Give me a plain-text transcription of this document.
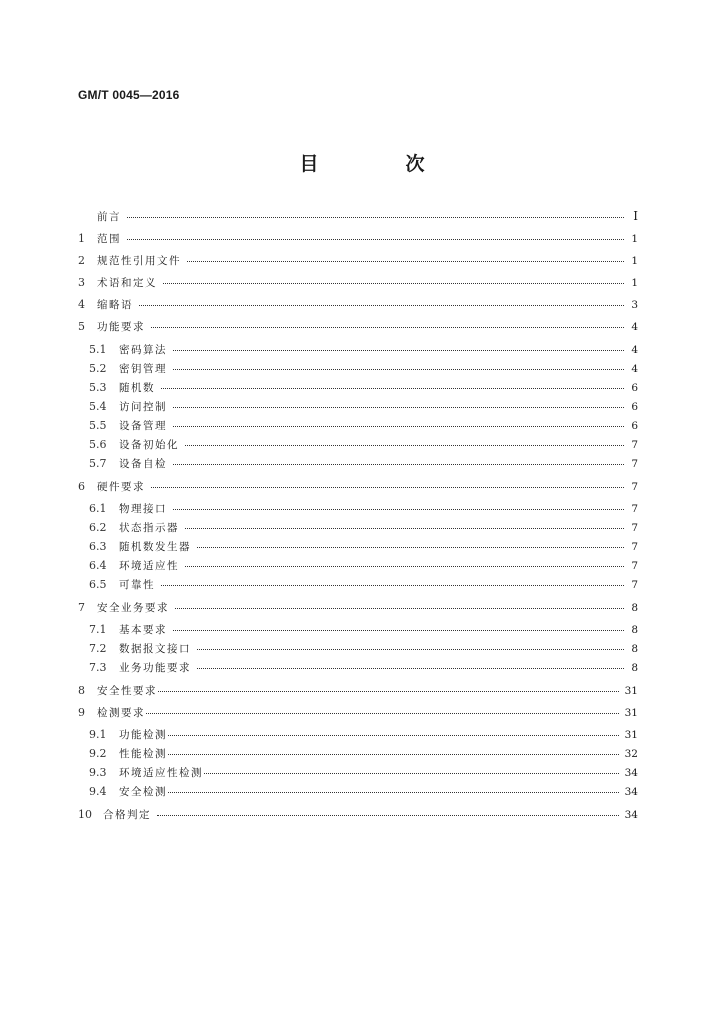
GM/T 0045—2016
目　次
前言	Ⅰ
1	范围	1
2	规范性引用文件	1
3	术语和定义	1
4	缩略语	3
5	功能要求	4
5.1	密码算法	4
5.2	密钥管理	4
5.3	随机数	6
5.4	访问控制	6
5.5	设备管理	6
5.6	设备初始化	7
5.7	设备自检	7
6	硬件要求	7
6.1	物理接口	7
6.2	状态指示器	7
6.3	随机数发生器	7
6.4	环境适应性	7
6.5	可靠性	7
7	安全业务要求	8
7.1	基本要求	8
7.2	数据报文接口	8
7.3	业务功能要求	8
8	安全性要求	31
9	检测要求	31
9.1	功能检测	31
9.2	性能检测	32
9.3	环境适应性检测	34
9.4	安全检测	34
10	合格判定	34
